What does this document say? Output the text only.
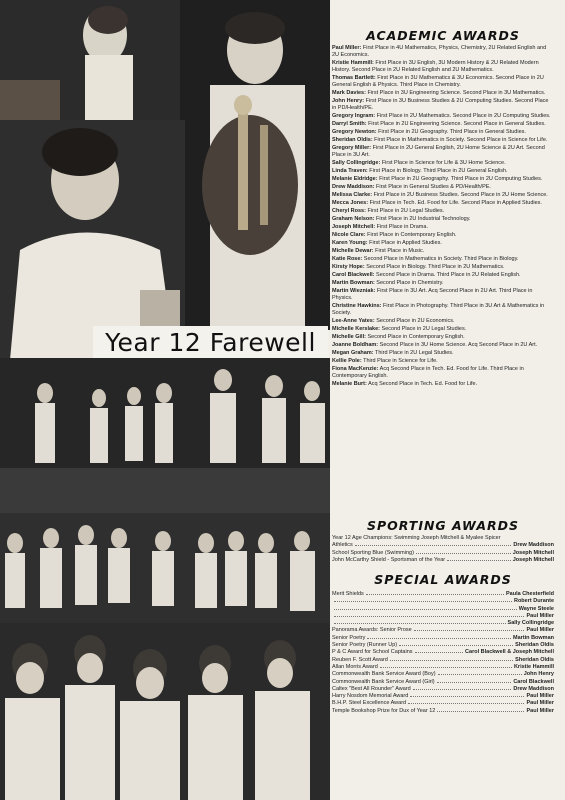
Year 12 Farewell
ACADEMIC AWARDS
Paul Miller: First Place in 4U Mathematics, Physics, Chemistry, 2U Related English and 2U Economics.
Kristie Hammill: First Place in 3U English, 3U Modern History & 2U Related Modern History. Second Place in 2U Related English and 2U Mathematics.
Thomas Bartlett: First Place in 3U Mathematics & 3U Economics. Second Place in 2U General English & Physics. Third Place in Chemistry.
Mark Davies: First Place in 3U Engineering Science. Second Place in 3U Mathematics.
John Henry: First Place in 3U Business Studies & 2U Computing Studies. Second Place in PD/Health/PE.
Gregory Ingram: First Place in 2U Mathematics. Second Place in 2U Computing Studies.
Darryl Smith: First Place in 2U Engineering Science. Second Place in General Studies.
Gregory Newton: First Place in 2U Geography. Third Place in General Studies.
Sheridan Oldis: First Place in Mathematics in Society. Second Place in Science for Life.
Gregory Miller: First Place in 2U General English, 2U Home Science & 2U Art. Second Place in 3U Art.
Sally Collingridge: First Place in Science for Life & 3U Home Science.
Linda Traven: First Place in Biology. Third Place in 2U General English.
Melanie Eldridge: First Place in 2U Geography. Third Place in 2U Computing Studies.
Drew Maddison: First Place in General Studies & PD/Health/PE.
Melissa Clarke: First Place in 2U Business Studies. Second Place in 2U Home Science.
Mecca Jones: First Place in Tech. Ed. Food for Life. Second Place in Applied Studies.
Cheryl Ross: First Place in 2U Legal Studies.
Graham Nelson: First Place in 2U Industrial Technology.
Joseph Mitchell: First Place in Drama.
Nicole Clare: First Place in Contemporary English.
Karen Young: First Place in Applied Studies.
Michelle Dewar: First Place in Music.
Katie Rose: Second Place in Mathematics in Society. Third Place in Biology.
Kirsty Hope: Second Place in Biology. Third Place in 2U Mathematics.
Carol Blackwell: Second Place in Drama. Third Place in 2U Related English.
Martin Bowman: Second Place in Chemistry.
Martin Wiezniak: First Place in 3U Art. Acq Second Place in 2U Art. Third Place in Physics.
Christine Hawkins: First Place in Photography. Third Place in 3U Art & Mathematics in Society.
Lee-Anne Yates: Second Place in 2U Economics.
Michelle Kerslake: Second Place in 2U Legal Studies.
Michelle Gill: Second Place in Contemporary English.
Joanne Boldham: Second Place in 3U Home Science. Acq Second Place in 2U Art.
Megan Graham: Third Place in 2U Legal Studies.
Kellie Pole: Third Place in Science for Life.
Fiona MacKenzie: Acq Second Place in Tech. Ed. Food for Life. Third Place in Contemporary English.
Melanie Burt: Acq Second Place in Tech. Ed. Food for Life.
SPORTING AWARDS
Year 12 Age Champions: Swimming Joseph Mitchell & Myalee Spicer
Athletics	Drew Maddison
School Sporting Blue (Swimming)	Joseph Mitchell
John McCarthy Shield - Sportsman of the Year	Joseph Mitchell
SPECIAL AWARDS
Merit Shields	Paula Chesterfield
Robert Durante
Wayne Steele
Paul Miller
Sally Collingridge
Panorama Awards: Senior Prose	Paul Miller
Senior Poetry	Martin Bowman
Senior Poetry (Runner Up)	Sheridan Oldis
P & C Award for School Captains	Carol Blackwell & Joseph Mitchell
Reuben F. Scott Award	Sheridan Oldis
Allan Morris Award	Kristie Hammill
Commonwealth Bank Service Award (Boy)	John Henry
Commonwealth Bank Service Award (Girl)	Carol Blackwell
Caltex "Best All Rounder" Award	Drew Maddison
Harry Nosdom Memorial Award	Paul Miller
B.H.P. Steel Excellence Award	Paul Miller
Temple Bookshop Prize for Dux of Year 12	Paul Miller
